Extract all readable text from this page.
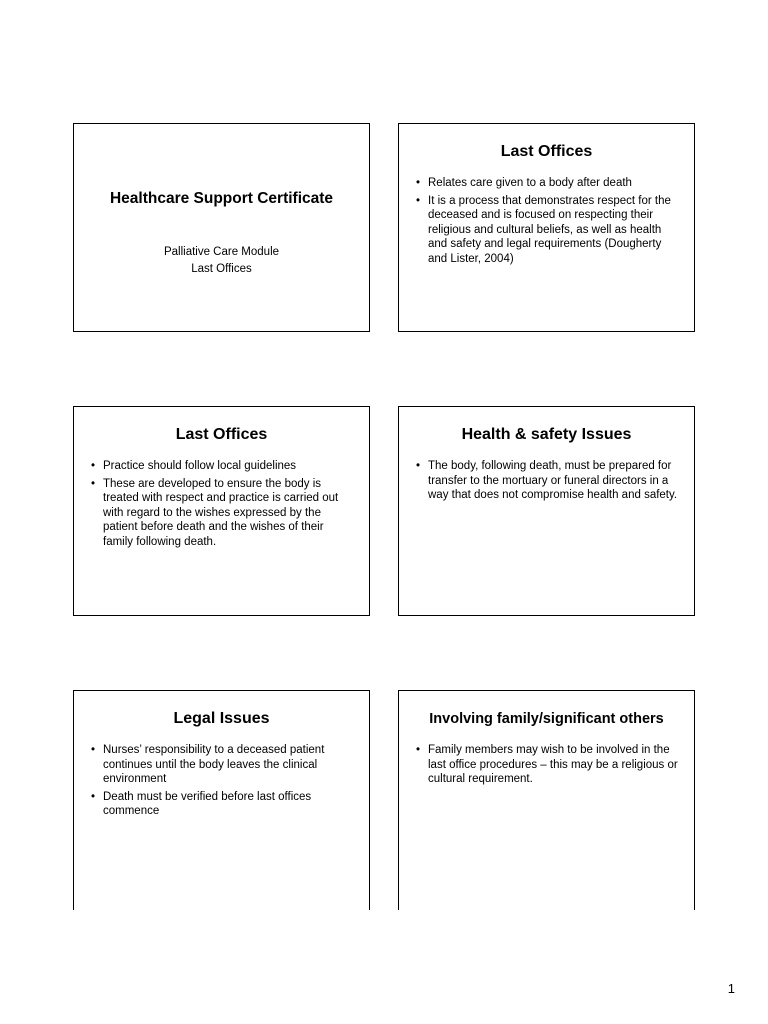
Healthcare Support Certificate
Palliative Care Module
Last Offices
Last Offices
• Relates care given to a body after death
• It is a process that demonstrates respect for the deceased and is focused on respecting their religious and cultural beliefs, as well as health and safety and legal requirements (Dougherty and Lister, 2004)
Last Offices
• Practice should follow local guidelines
• These are developed to ensure the body is treated with respect and practice is carried out with regard to the wishes expressed by the patient before death and the wishes of their family following death.
Health & safety Issues
• The body, following death, must be prepared for transfer to the mortuary or funeral directors in a way that does not compromise health and safety.
Legal Issues
• Nurses’ responsibility to a deceased patient continues until the body leaves the clinical environment
• Death must be verified before last offices commence
Involving family/significant others
• Family members may wish to be involved in the last office procedures – this may be a religious or cultural requirement.
1
